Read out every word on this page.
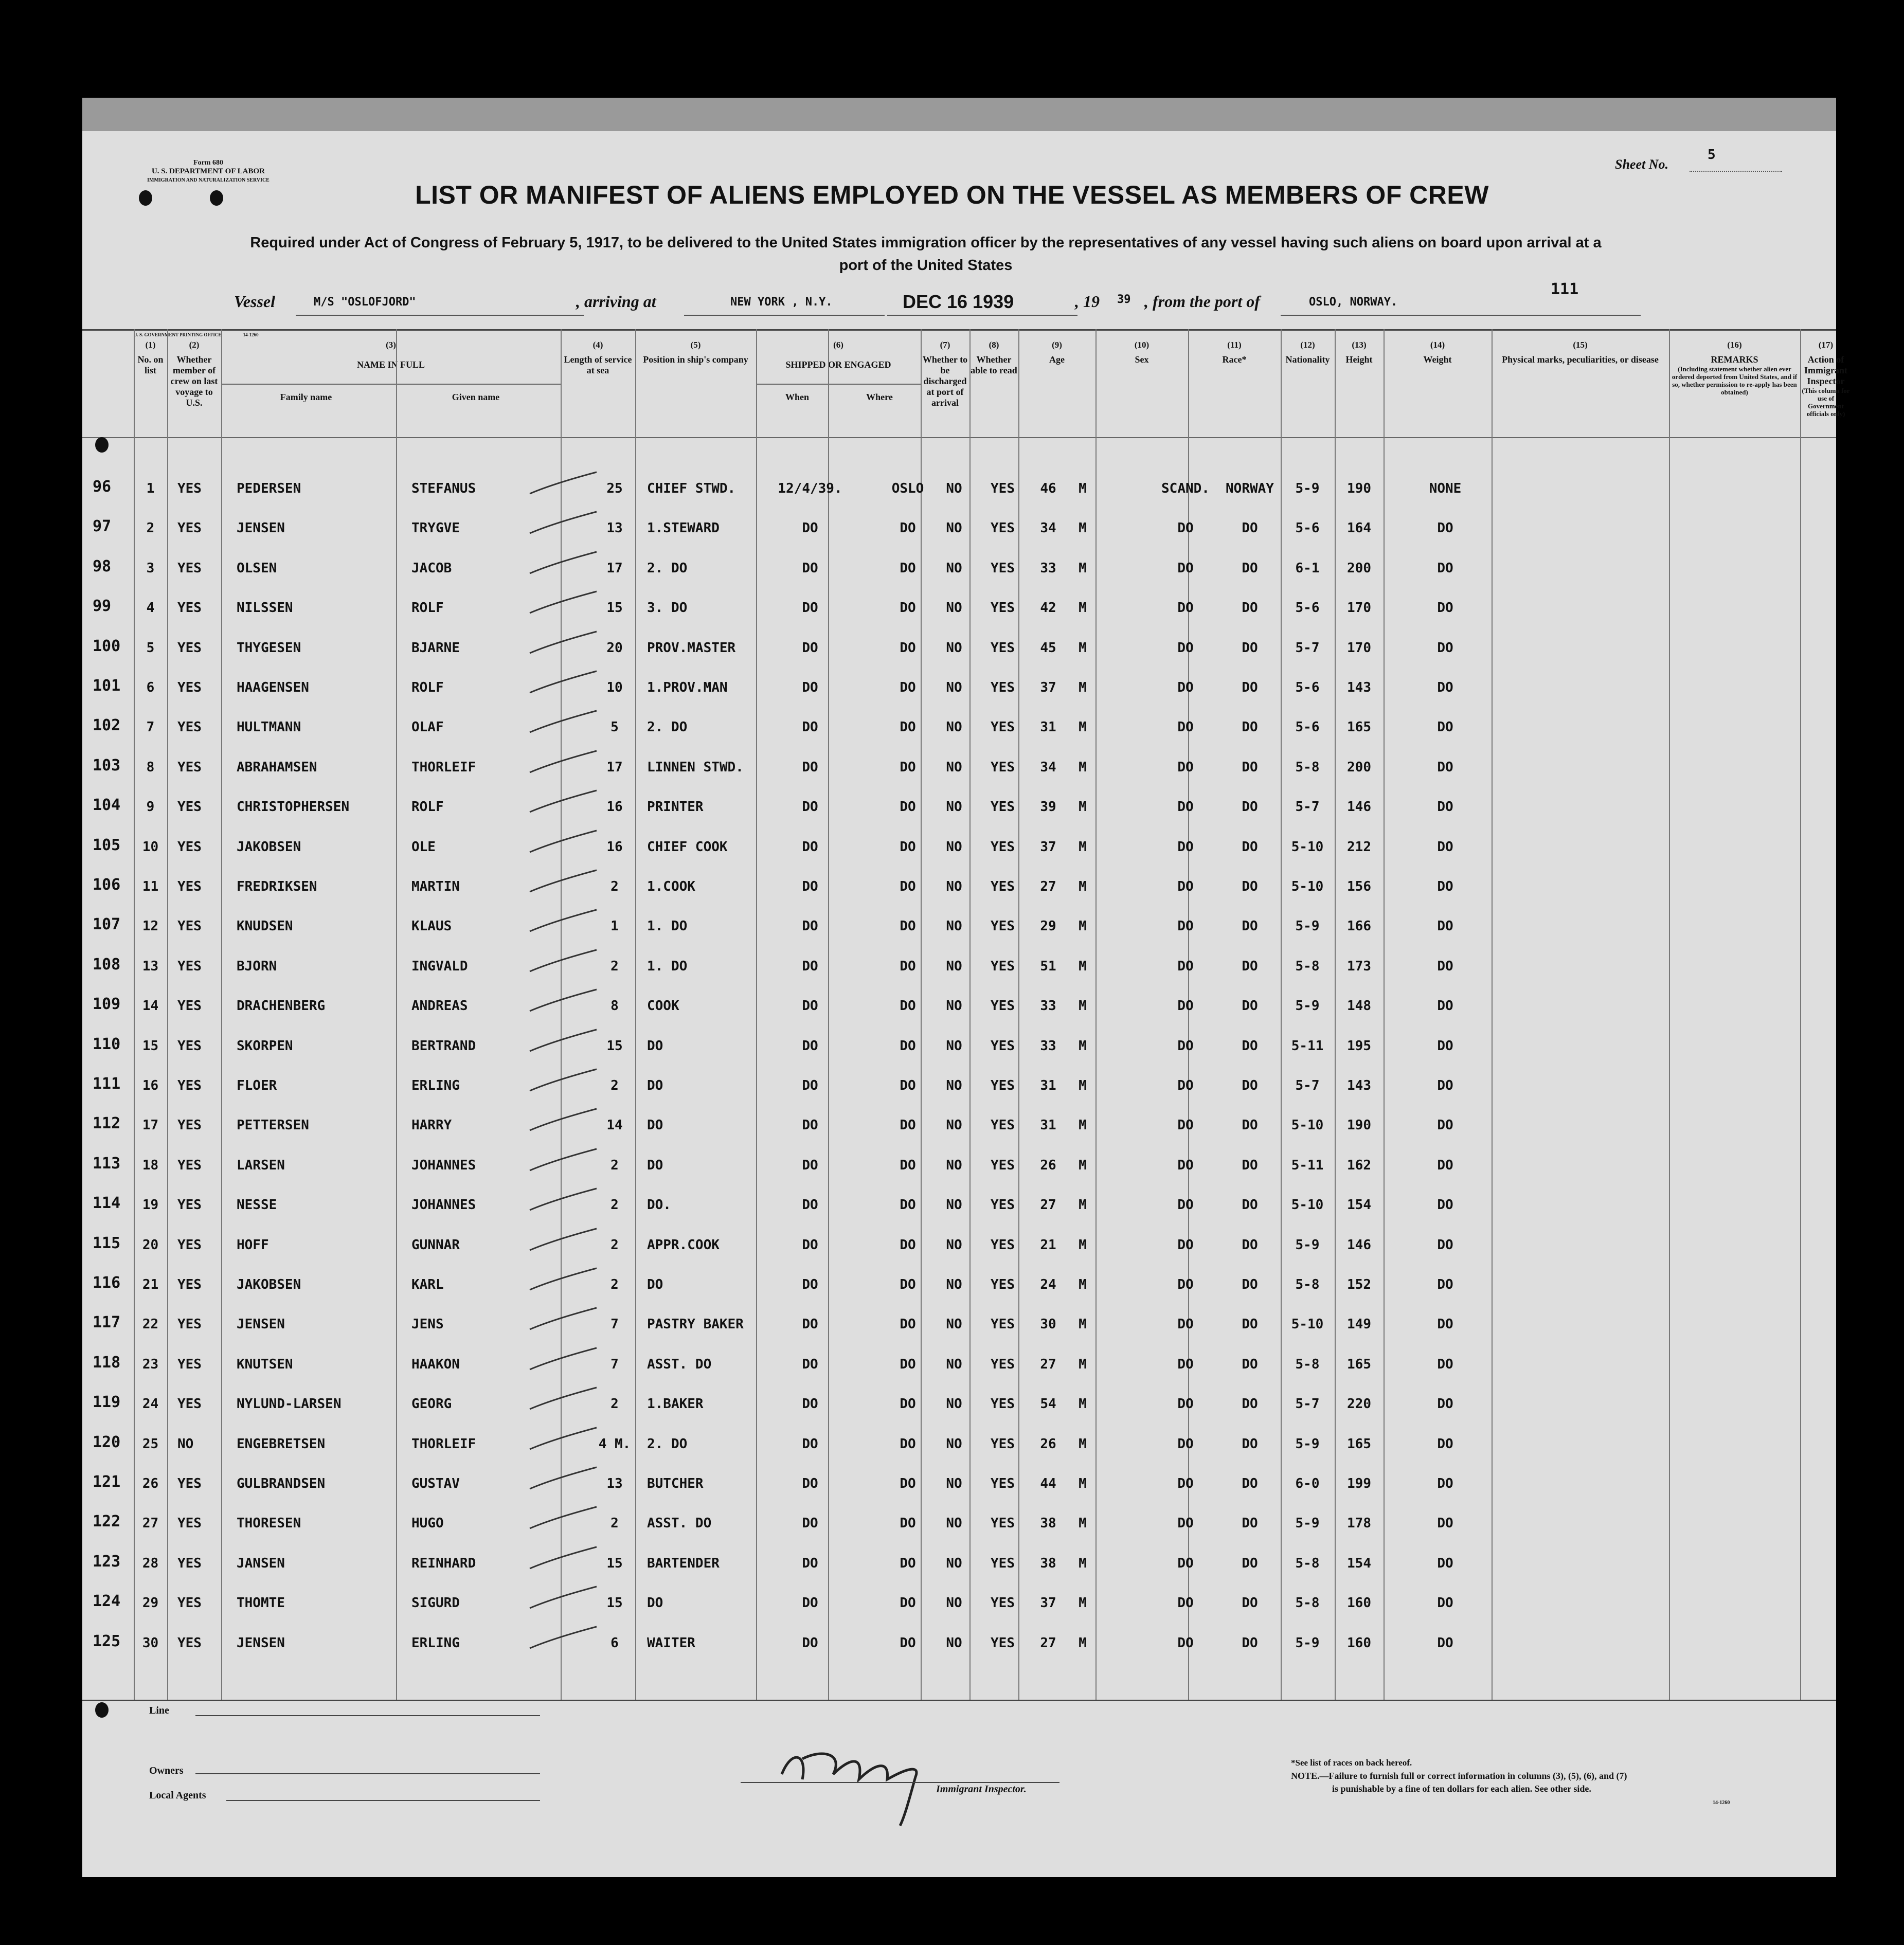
Form 680
U. S. DEPARTMENT OF LABOR
IMMIGRATION AND NATURALIZATION SERVICE
Sheet No.
5
LIST OR MANIFEST OF ALIENS EMPLOYED ON THE VESSEL AS MEMBERS OF CREW
Required under Act of Congress of February 5, 1917, to be delivered to the United States immigration officer by the representatives of any vessel having such aliens on board upon arrival at a
port of the United States
Vessel	M/S "OSLOFJORD"	, arriving at	NEW YORK , N.Y.	DEC 16 1939	, 19 39 , from the port of	OSLO, NORWAY.
111
U. S. GOVERNMENT PRINTING OFFICE	14-1260
(1)
No. on list
(2)
Whether member of crew on last voyage to U.S.
(3)
NAME IN FULL
Family name	Given name
(4)
Length of service at sea
(5)
Position in ship's company
(6)
SHIPPED OR ENGAGED
When	Where
(7)
Whether to be discharged at port of arrival
(8)
Whether able to read
(9)
Age
(10)
Sex
(11)
Race*
(12)
Nationality
(13)
Height
(14)
Weight
(15)
Physical marks, peculiarities, or disease
(16)
REMARKS
(Including statement whether alien ever ordered deported from United States, and if so, whether permission to re-apply has been obtained)
(17)
Action of Immigrant Inspector
(This column for use of Government officials only)
96	1	YES	PEDERSEN	STEFANUS	25	CHIEF STWD.	12/4/39.	OSLO	NO	YES	46	M	SCAND.	NORWAY	5-9	190	NONE
97	2	YES	JENSEN	TRYGVE	13	1.STEWARD	DO	DO	NO	YES	34	M	DO	DO	5-6	164	DO
98	3	YES	OLSEN	JACOB	17	2. DO	DO	DO	NO	YES	33	M	DO	DO	6-1	200	DO
99	4	YES	NILSSEN	ROLF	15	3. DO	DO	DO	NO	YES	42	M	DO	DO	5-6	170	DO
100	5	YES	THYGESEN	BJARNE	20	PROV.MASTER	DO	DO	NO	YES	45	M	DO	DO	5-7	170	DO
101	6	YES	HAAGENSEN	ROLF	10	1.PROV.MAN	DO	DO	NO	YES	37	M	DO	DO	5-6	143	DO
102	7	YES	HULTMANN	OLAF	5	2. DO	DO	DO	NO	YES	31	M	DO	DO	5-6	165	DO
103	8	YES	ABRAHAMSEN	THORLEIF	17	LINNEN STWD.	DO	DO	NO	YES	34	M	DO	DO	5-8	200	DO
104	9	YES	CHRISTOPHERSEN	ROLF	16	PRINTER	DO	DO	NO	YES	39	M	DO	DO	5-7	146	DO
105	10	YES	JAKOBSEN	OLE	16	CHIEF COOK	DO	DO	NO	YES	37	M	DO	DO	5-10	212	DO
106	11	YES	FREDRIKSEN	MARTIN	2	1.COOK	DO	DO	NO	YES	27	M	DO	DO	5-10	156	DO
107	12	YES	KNUDSEN	KLAUS	1	1. DO	DO	DO	NO	YES	29	M	DO	DO	5-9	166	DO
108	13	YES	BJORN	INGVALD	2	1. DO	DO	DO	NO	YES	51	M	DO	DO	5-8	173	DO
109	14	YES	DRACHENBERG	ANDREAS	8	COOK	DO	DO	NO	YES	33	M	DO	DO	5-9	148	DO
110	15	YES	SKORPEN	BERTRAND	15	DO	DO	DO	NO	YES	33	M	DO	DO	5-11	195	DO
111	16	YES	FLOER	ERLING	2	DO	DO	DO	NO	YES	31	M	DO	DO	5-7	143	DO
112	17	YES	PETTERSEN	HARRY	14	DO	DO	DO	NO	YES	31	M	DO	DO	5-10	190	DO
113	18	YES	LARSEN	JOHANNES	2	DO	DO	DO	NO	YES	26	M	DO	DO	5-11	162	DO
114	19	YES	NESSE	JOHANNES	2	DO.	DO	DO	NO	YES	27	M	DO	DO	5-10	154	DO
115	20	YES	HOFF	GUNNAR	2	APPR.COOK	DO	DO	NO	YES	21	M	DO	DO	5-9	146	DO
116	21	YES	JAKOBSEN	KARL	2	DO	DO	DO	NO	YES	24	M	DO	DO	5-8	152	DO
117	22	YES	JENSEN	JENS	7	PASTRY BAKER	DO	DO	NO	YES	30	M	DO	DO	5-10	149	DO
118	23	YES	KNUTSEN	HAAKON	7	ASST. DO	DO	DO	NO	YES	27	M	DO	DO	5-8	165	DO
119	24	YES	NYLUND-LARSEN	GEORG	2	1.BAKER	DO	DO	NO	YES	54	M	DO	DO	5-7	220	DO
120	25	NO	ENGEBRETSEN	THORLEIF	4 M.	2. DO	DO	DO	NO	YES	26	M	DO	DO	5-9	165	DO
121	26	YES	GULBRANDSEN	GUSTAV	13	BUTCHER	DO	DO	NO	YES	44	M	DO	DO	6-0	199	DO
122	27	YES	THORESEN	HUGO	2	ASST. DO	DO	DO	NO	YES	38	M	DO	DO	5-9	178	DO
123	28	YES	JANSEN	REINHARD	15	BARTENDER	DO	DO	NO	YES	38	M	DO	DO	5-8	154	DO
124	29	YES	THOMTE	SIGURD	15	DO	DO	DO	NO	YES	37	M	DO	DO	5-8	160	DO
125	30	YES	JENSEN	ERLING	6	WAITER	DO	DO	NO	YES	27	M	DO	DO	5-9	160	DO
Line
Owners
Local Agents
Immigrant Inspector.
*See list of races on back hereof.
NOTE.—Failure to furnish full or correct information in columns (3), (5), (6), and (7)
is punishable by a fine of ten dollars for each alien. See other side.
14-1260
